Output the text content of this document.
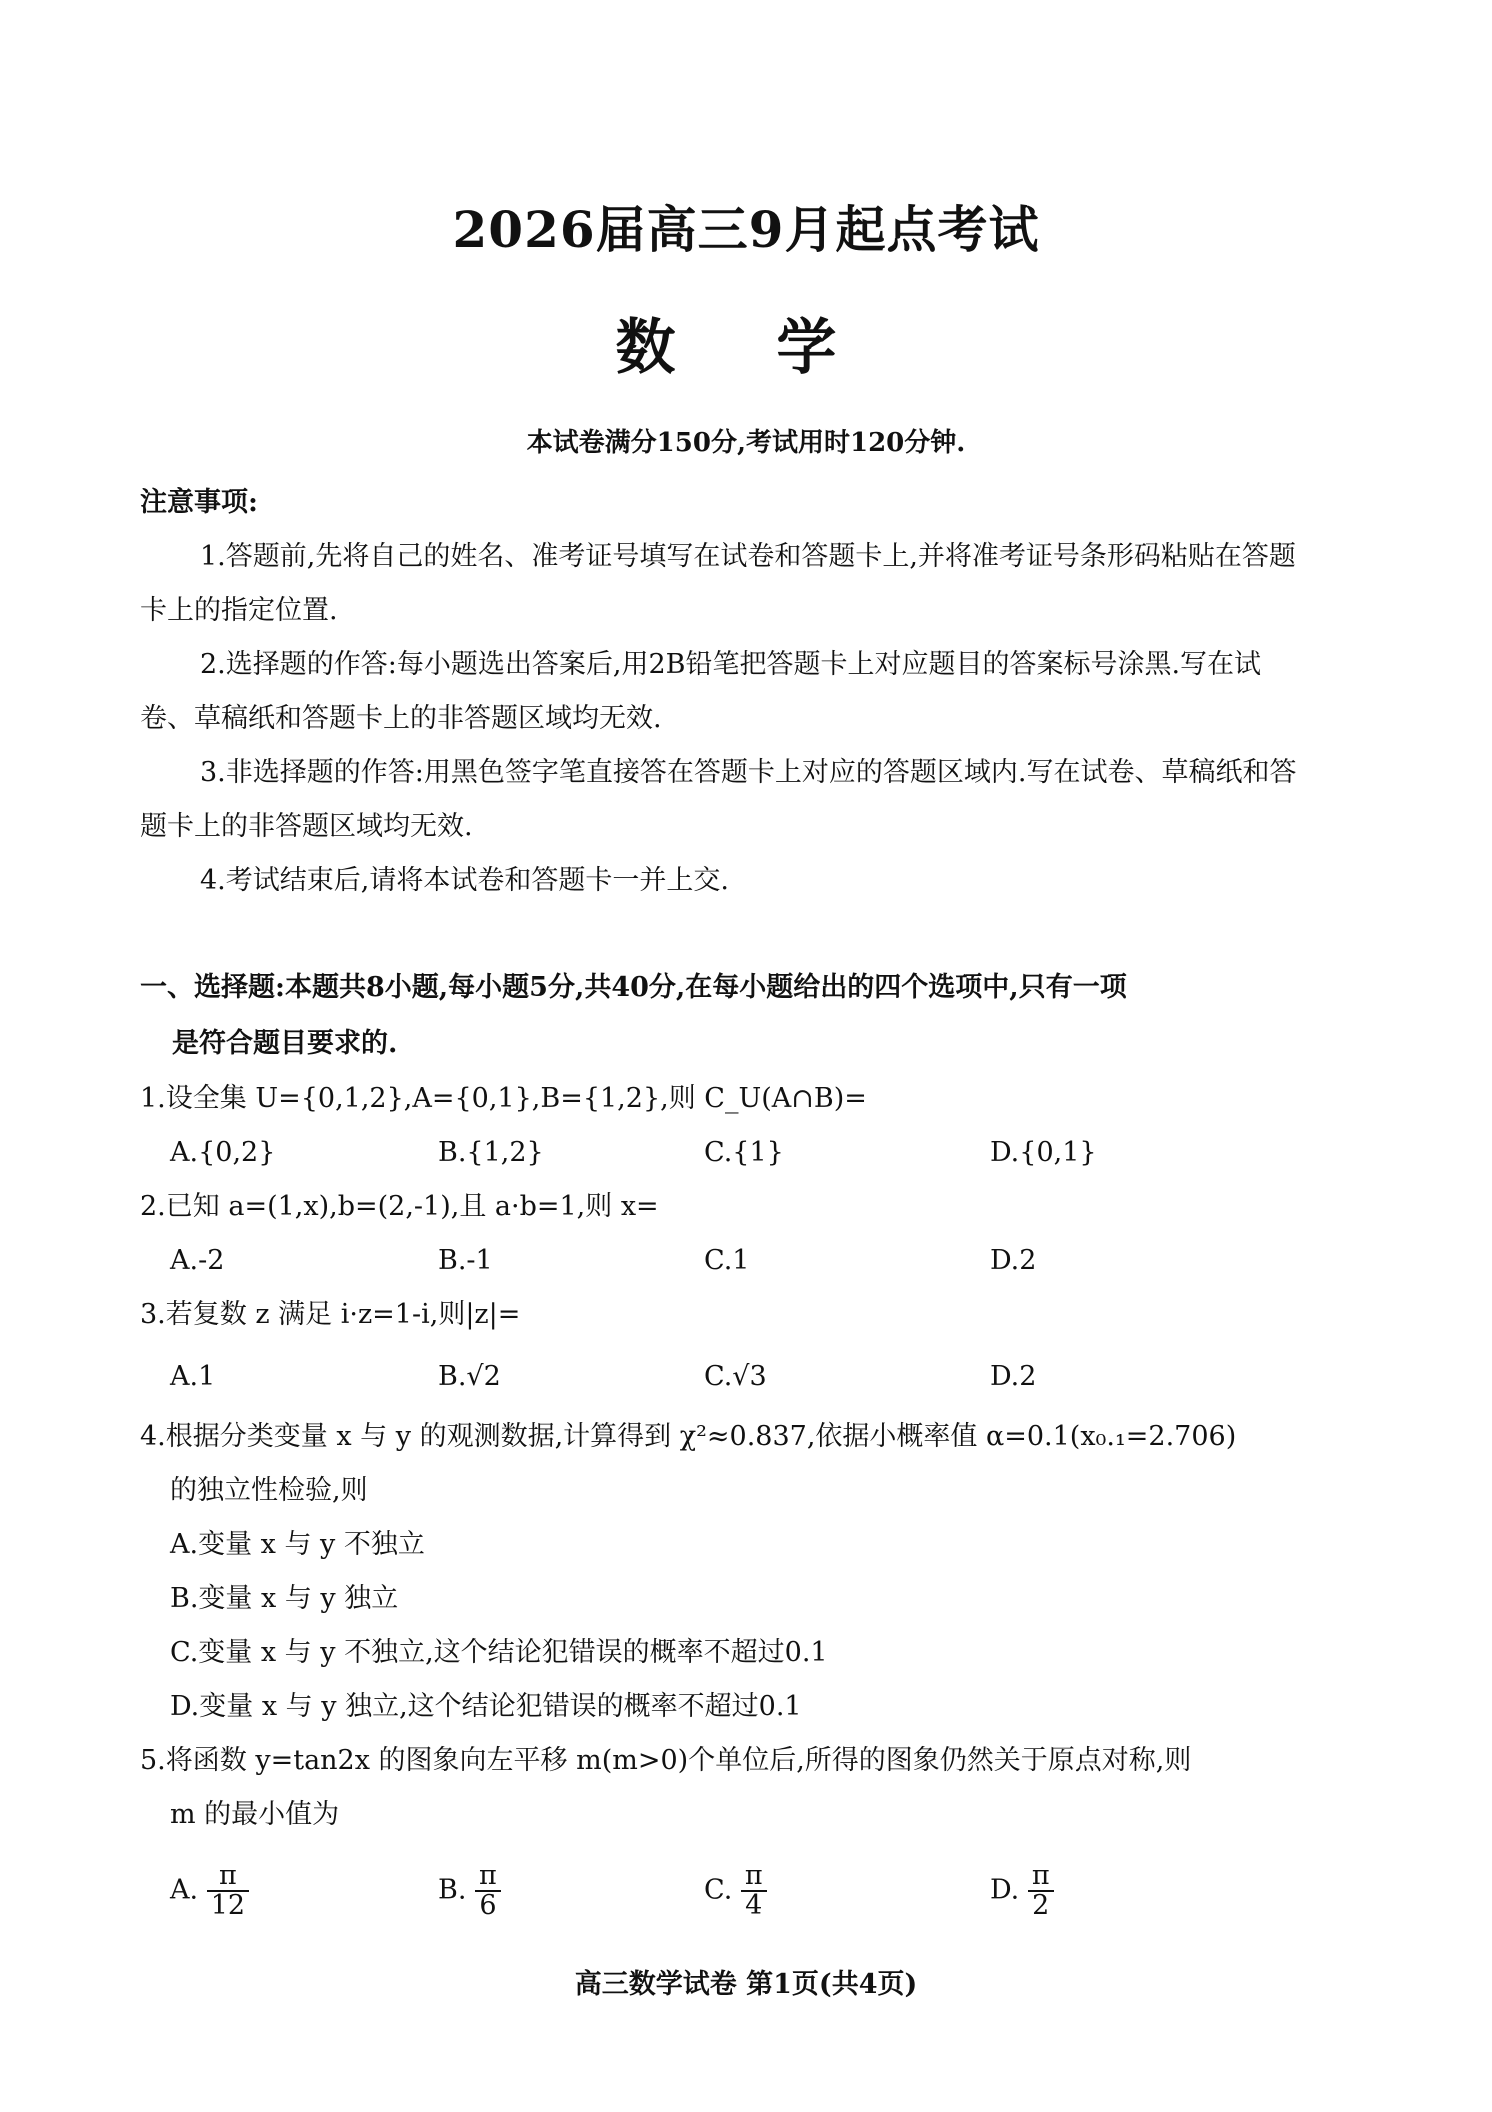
2026届高三9月起点考试
数 学
本试卷满分150分,考试用时120分钟.
注意事项:

1.答题前,先将自己的姓名、准考证号填写在试卷和答题卡上,并将准考证号条形码粘贴在答题卡上的指定位置.

2.选择题的作答:每小题选出答案后,用2B铅笔把答题卡上对应题目的答案标号涂黑.写在试卷、草稿纸和答题卡上的非答题区域均无效.

3.非选择题的作答:用黑色签字笔直接答在答题卡上对应的答题区域内.写在试卷、草稿纸和答题卡上的非答题区域均无效.

4.考试结束后,请将本试卷和答题卡一并上交.

一、选择题:本题共8小题,每小题5分,共40分,在每小题给出的四个选项中,只有一项
是符合题目要求的.
1.设全集 U={0,1,2},A={0,1},B={1,2},则 C_U(A∩B)=
A.{0,2}	B.{1,2}	C.{1}	D.{0,1}
2.已知 a=(1,x),b=(2,-1),且 a·b=1,则 x=
A.-2	B.-1	C.1	D.2
3.若复数 z 满足 i·z=1-i,则|z|=
A.1	B.√2	C.√3	D.2
4.根据分类变量 x 与 y 的观测数据,计算得到 χ²≈0.837,依据小概率值 α=0.1(x₀.₁=2.706)
的独立性检验,则
A.变量 x 与 y 不独立
B.变量 x 与 y 独立
C.变量 x 与 y 不独立,这个结论犯错误的概率不超过0.1
D.变量 x 与 y 独立,这个结论犯错误的概率不超过0.1
5.将函数 y=tan2x 的图象向左平移 m(m>0)个单位后,所得的图象仍然关于原点对称,则
m 的最小值为
A. $\frac{\pi}{12}$	B. $\frac{\pi}{6}$	C. $\frac{\pi}{4}$	D. $\frac{\pi}{2}$
高三数学试卷 第1页(共4页)
